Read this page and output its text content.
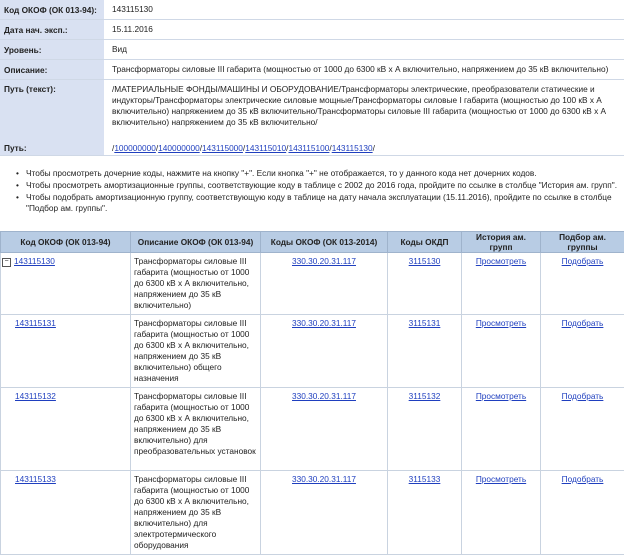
Код ОКОФ (ОК 013-94):	143115130
Дата нач. эксп.:	15.11.2016
Уровень:	Вид
Описание:	Трансформаторы силовые III габарита (мощностью от 1000 до 6300 кВ х А включительно, напряжением до 35 кВ включительно)
Путь (текст):	/МАТЕРИАЛЬНЫЕ ФОНДЫ/МАШИНЫ И ОБОРУДОВАНИЕ/Трансформаторы электрические, преобразователи статические и индукторы/Трансформаторы электрические силовые мощные/Трансформаторы силовые I габарита (мощностью до 100 кВ х А включительно) напряжением до 35 кВ включительно/Трансформаторы силовые III габарита (мощностью от 1000 до 6300 кВ х А включительно) напряжением до 35 кВ включительно/
Путь:	/ 100000000 / 140000000 / 143115000 / 143115010 / 143115100 / 143115130 /
• Чтобы просмотреть дочерние коды, нажмите на кнопку "+". Если кнопка "+" не отображается, то у данного кода нет дочерних кодов.
• Чтобы просмотреть амортизационные группы, соответствующие коду в таблице с 2002 до 2016 года, пройдите по ссылке в столбце "История ам. групп".
• Чтобы подобрать амортизационную группу, соответствующую коду в таблице на дату начала эксплуатации (15.11.2016), пройдите по ссылке в столбце "Подбор ам. группы".
Код ОКОФ (ОК 013-94)	Описание ОКОФ (ОК 013-94)	Коды ОКОФ (ОК 013-2014)	Коды ОКДП	История ам. групп	Подбор ам. группы
− 143115130	Трансформаторы силовые III габарита (мощностью от 1000 до 6300 кВ х А включительно, напряжением до 35 кВ включительно)	330.30.20.31.117	3115130	Просмотреть	Подобрать
143115131	Трансформаторы силовые III габарита (мощностью от 1000 до 6300 кВ х А включительно, напряжением до 35 кВ включительно) общего назначения	330.30.20.31.117	3115131	Просмотреть	Подобрать
143115132	Трансформаторы силовые III габарита (мощностью от 1000 до 6300 кВ х А включительно, напряжением до 35 кВ включительно) для преобразовательных установок	330.30.20.31.117	3115132	Просмотреть	Подобрать
143115133	Трансформаторы силовые III габарита (мощностью от 1000 до 6300 кВ х А включительно, напряжением до 35 кВ включительно) для электротермического оборудования	330.30.20.31.117	3115133	Просмотреть	Подобрать
